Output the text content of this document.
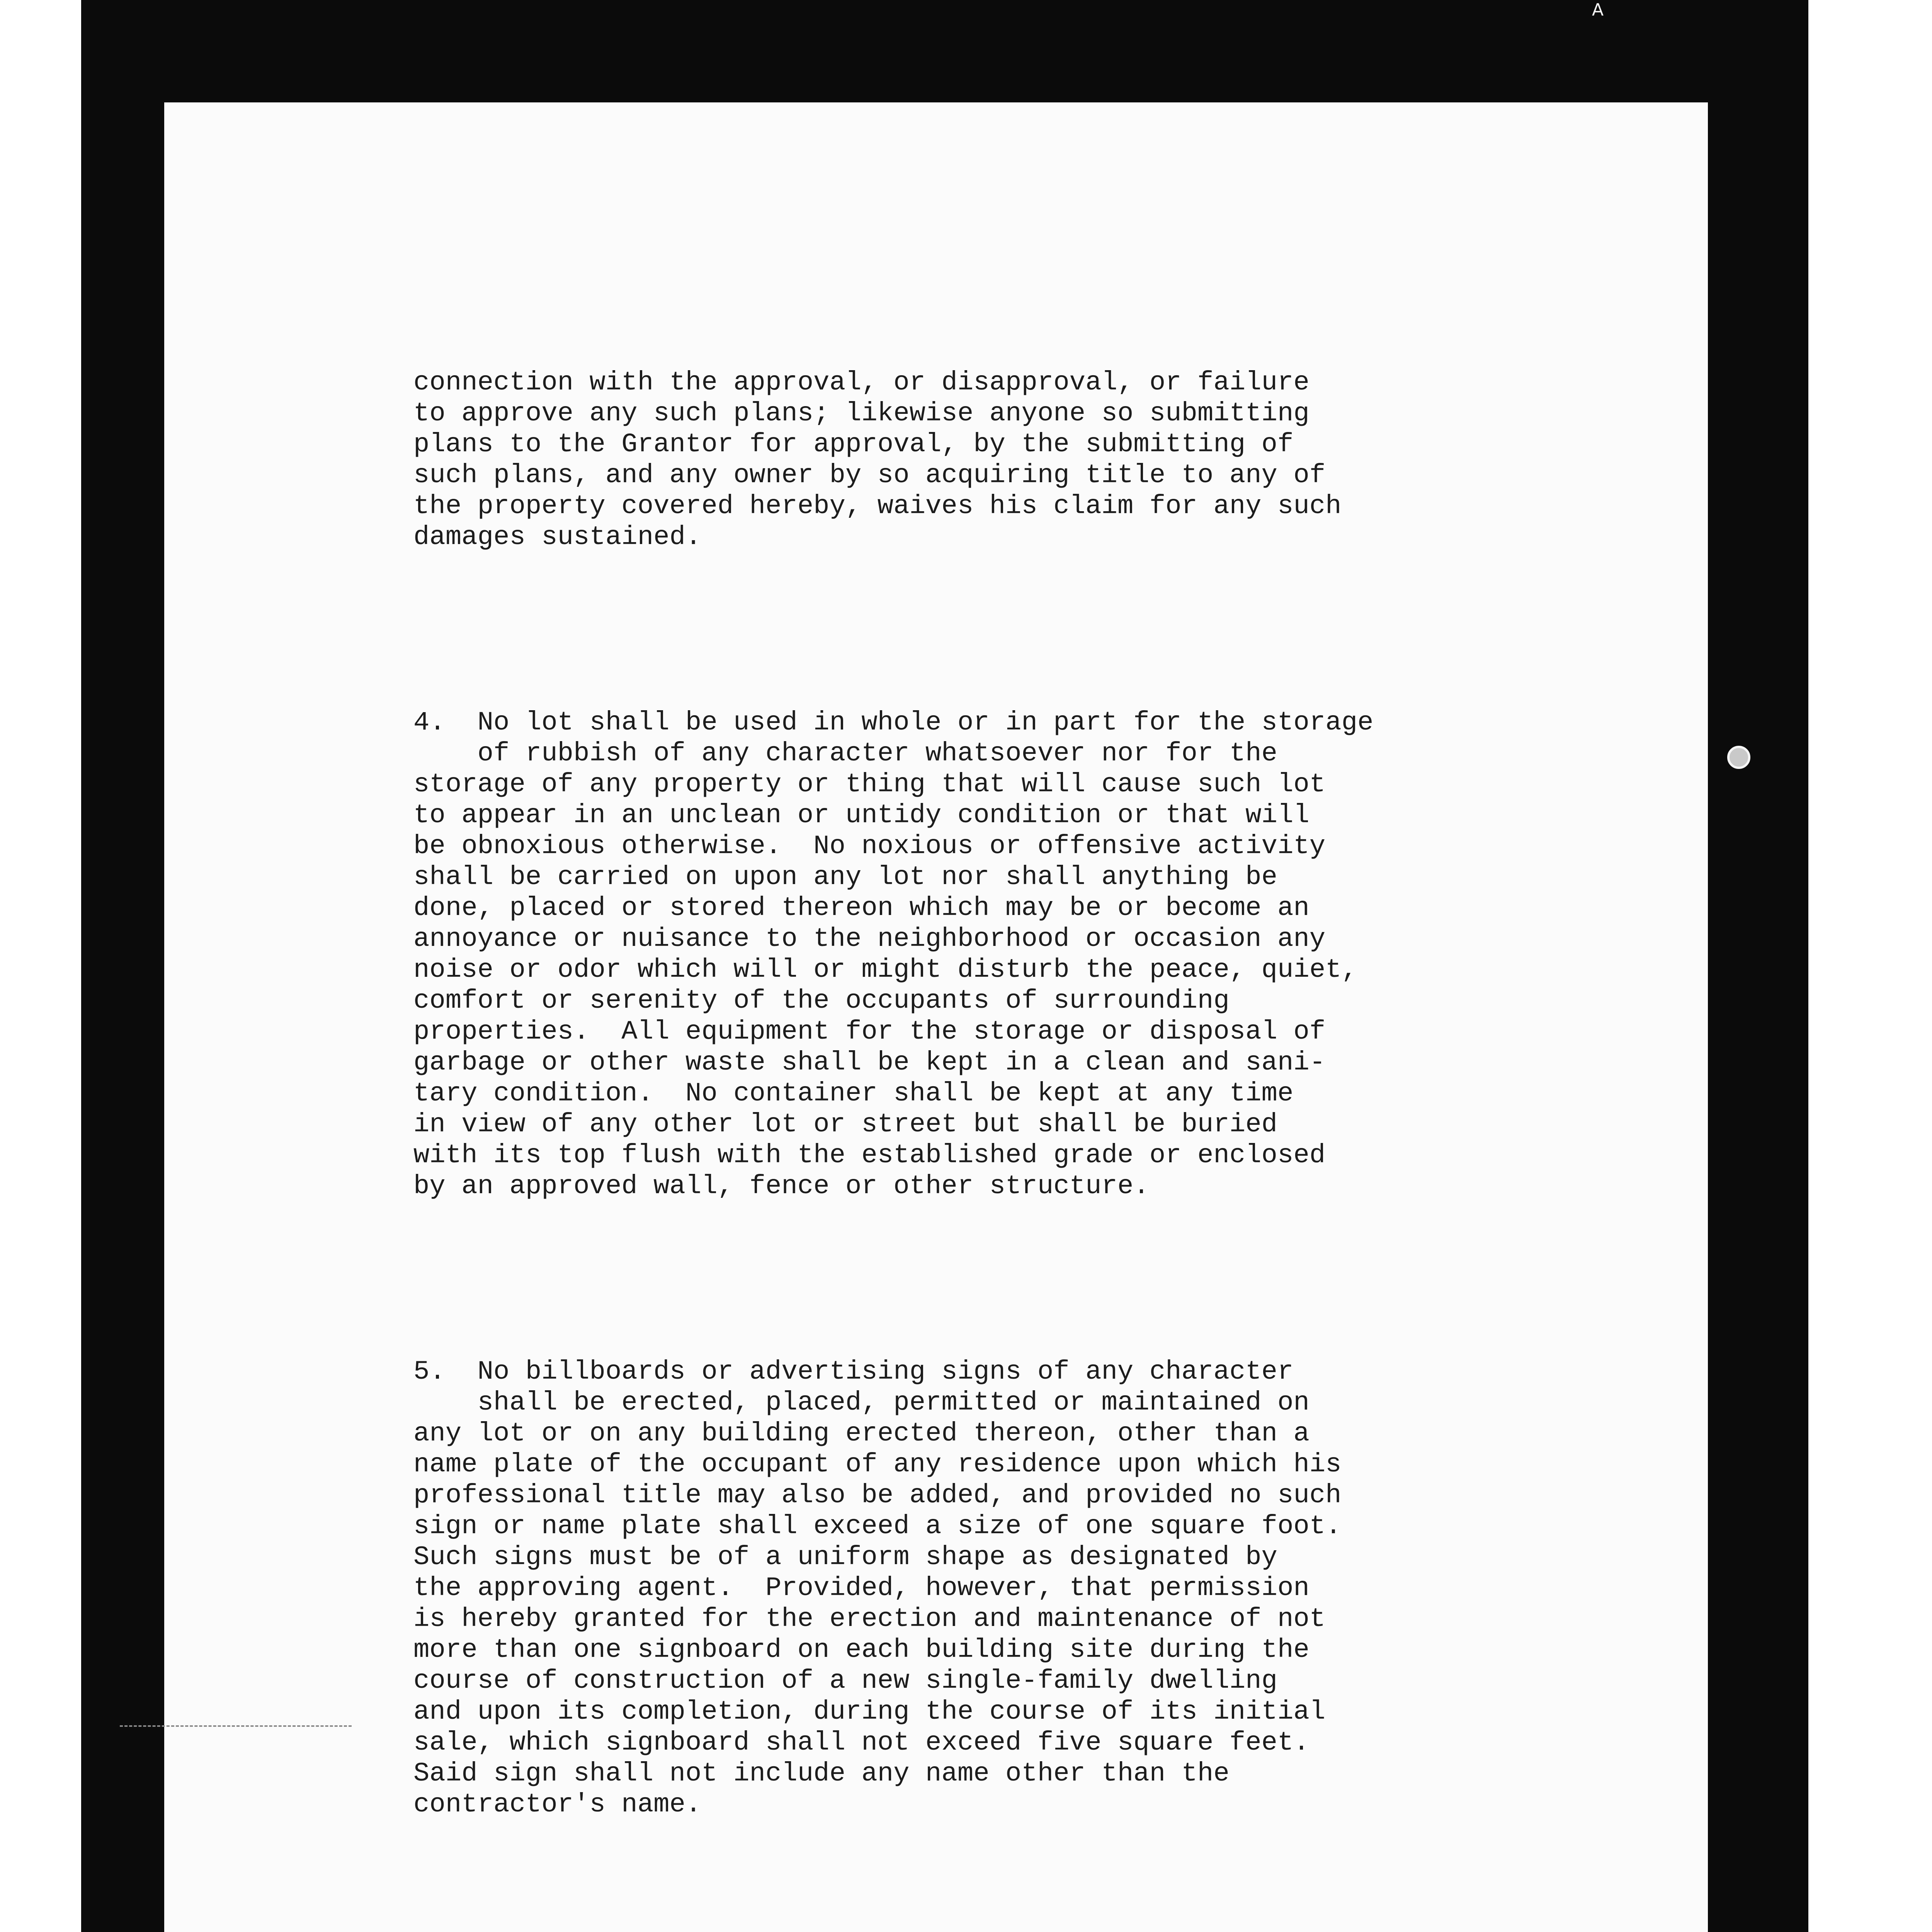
A

connection with the approval, or disapproval, or failure
to approve any such plans; likewise anyone so submitting
plans to the Grantor for approval, by the submitting of
such plans, and any owner by so acquiring title to any of
the property covered hereby, waives his claim for any such
damages sustained.

4.  No lot shall be used in whole or in part for the storage
of rubbish of any character whatsoever nor for the
storage of any property or thing that will cause such lot
to appear in an unclean or untidy condition or that will
be obnoxious otherwise.  No noxious or offensive activity
shall be carried on upon any lot nor shall anything be
done, placed or stored thereon which may be or become an
annoyance or nuisance to the neighborhood or occasion any
noise or odor which will or might disturb the peace, quiet,
comfort or serenity of the occupants of surrounding
properties.  All equipment for the storage or disposal of
garbage or other waste shall be kept in a clean and sani-
tary condition.  No container shall be kept at any time
in view of any other lot or street but shall be buried
with its top flush with the established grade or enclosed
by an approved wall, fence or other structure.

5.  No billboards or advertising signs of any character
shall be erected, placed, permitted or maintained on
any lot or on any building erected thereon, other than a
name plate of the occupant of any residence upon which his
professional title may also be added, and provided no such
sign or name plate shall exceed a size of one square foot.
Such signs must be of a uniform shape as designated by
the approving agent.  Provided, however, that permission
is hereby granted for the erection and maintenance of not
more than one signboard on each building site during the
course of construction of a new single-family dwelling
and upon its completion, during the course of its initial
sale, which signboard shall not exceed five square feet.
Said sign shall not include any name other than the
contractor's name.
